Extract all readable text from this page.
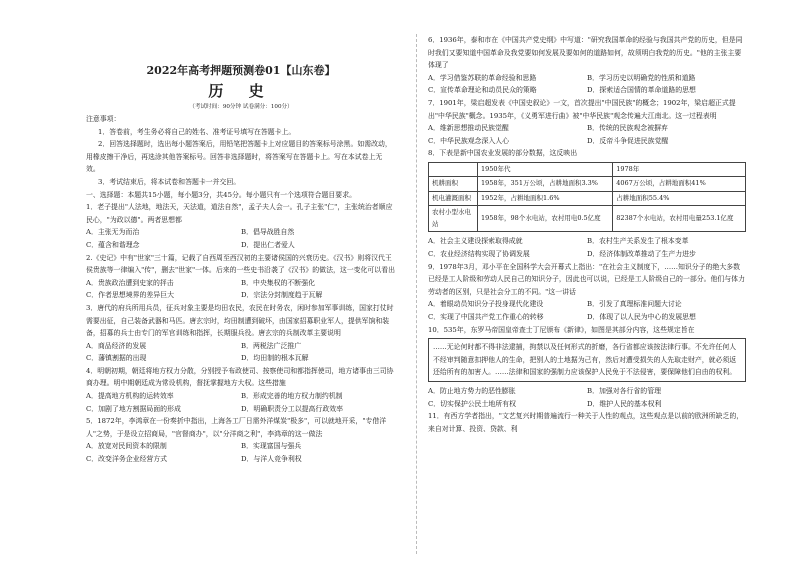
2022年高考押题预测卷01【山东卷】
历 史
（考试时间：90分钟 试卷满分：100分）

注意事项：

1．答卷前，考生务必将自己的姓名、准考证号填写在答题卡上。

2．回答选择题时，选出每小题答案后，用铅笔把答题卡上对应题目的答案标号涂黑。如需改动，用橡皮擦干净后，再选涂其他答案标号。回答非选择题时，将答案写在答题卡上。写在本试卷上无效。

3．考试结束后，将本试卷和答题卡一并交回。

一、选择题：本题共15小题，每小题3分，共45分。每小题只有一个选项符合题目要求。

1．老子提出"人法地，地法天，天法道，道法自然"，孟子夫人会一。孔子主张"仁"，主张统治者顺应民心，"为政以德"。两者思想都

A．主张无为而治	B．倡导战胜自然
C．蕴含和谐理念	D．提出仁者爱人

2.《史记》中有"世家"三十篇，记载了自西周至西汉初的主要诸侯国的兴衰历史。《汉书》则将汉代王侯贵族等一律编入"传"，删去"世家"一体。后来的一些史书沿袭了《汉书》的做法，这一变化可以看出

A．贵族政治遭到史家的抨击	B．中央集权的不断强化
C．作者思想境界的差异巨大	D．宗法分封制度趋于瓦解

3．唐代的府兵所用兵员，征兵对象主要是均田农民，农民在时务农，闲时参加军事训练，国家打仗时需要出征，自己装备武器和马匹。唐玄宗时，均田制遭到破坏，由国家招募职业军人，提供军饷和装备，招募的兵士由专门的军官训练和指挥，长期服兵役。唐玄宗的兵制改革主要说明

A．商品经济的发展	B．两税法广泛推广
C．藩镇割据的出现	D．均田制的根本瓦解

4．明朝初期，朝廷将地方权力分散，分别授予布政使司、按察使司和都指挥使司，地方诸事由三司协商办理。明中期朝廷成为常设机构，督抚掌握地方大权。这些措施

A．提高地方机构的运转效率	B．形成完善的地方权力制约机制
C．加剧了地方割据局面的形成	D．明确职责分工以提高行政效率

5．1872年，李鸿章在一份奏折中指出，上海各工厂日需外洋煤炭"极多"，可以就地开采，"专借洋人"之势，于是设立招商局，"官督商办"，以"分洋商之利"，李鸿章的这一做法

A．放宽对民间资本的限制	B．实现富国与强兵
C．改变洋务企业经营方式	D．与洋人竞争利权

6．1936年，泰和市在《中国共产党史纲》中写道："研究我国革命的经验与我国共产党的历史，但是同时我们又要知道中国革命及我党要如何发展及要如何的道路如何，故须明白我党的历史。"他的主张主要体现了

A．学习借鉴苏联的革命经验和思路	B．学习历史以明确党的性质和道路
C．宣传革命理论和动员民众的策略	D．探索适合国情的革命道路的思想

7．1901年，梁启超发表《中国史叙论》一文，首次提出"中国民族"的概念；1902年，梁启超正式提出"中华民族"概念。1935年，《义勇军进行曲》被"中华民族"观念传遍大江南北。这一过程表明

A．维新思想推动民族觉醒	B．传统的民族观念被摒弃
C．中华民族观念深入人心	D．反帝斗争促进民族觉醒

8．下表是新中国农业发展的部分数据，这反映出

	1950年代	1978年
机耕面积	1958年，351万公顷，占耕地面积3.3%	4067万公顷，占耕地面积41%
机电灌溉面积	1952年，占耕地面积1.6%	占耕地面积55.4%
农村小型水电站	1958年，98个水电站，农村用电0.5亿度	82387个水电站，农村用电量253.1亿度
A．社会主义建设探索取得成就	B．农村生产关系发生了根本变革
C．农业经济结构实现了协调发展	D．经济体制改革推动了生产力进步

9．1978年3月，邓小平在全国科学大会开幕式上指出："在社会主义制度下，……知识分子的绝大多数已经是工人阶级和劳动人民自己的知识分子，因此也可以说，已经是工人阶级自己的一部分。他们与体力劳动者的区别，只是社会分工的不同。"这一讲话

A．着眼动员知识分子投身现代化建设	B．引发了真理标准问题大讨论
C．实现了中国共产党工作重心的转移	D．体现了以人民为中心的发展思想

10．535年，东罗马帝国皇帝查士丁尼颁布《新律》，如图是其部分内容，这些规定旨在

……无论何时都不得非法逮捕，拘禁以及任何形式的折磨，各行省都应该按法律行事。不允许任何人不经审判随意扣押他人的生命，把别人的土地据为己有，然后对遭受损失的人先取走财产，就必须返还给所有的加害人。……法律和国家的强制力应该保护人民免于不法侵害，要保障他们自由的权利。
A．防止地方势力的恶性膨胀	B．加强对各行省的管理
C．切实保护公民土地所有权	D．维护人民的基本权利

11．有西方学者指出，"文艺复兴时期普遍流行一种关于人性的观点，这些观点是以前的欧洲所缺乏的，来自对计算、投资、贷款、利
